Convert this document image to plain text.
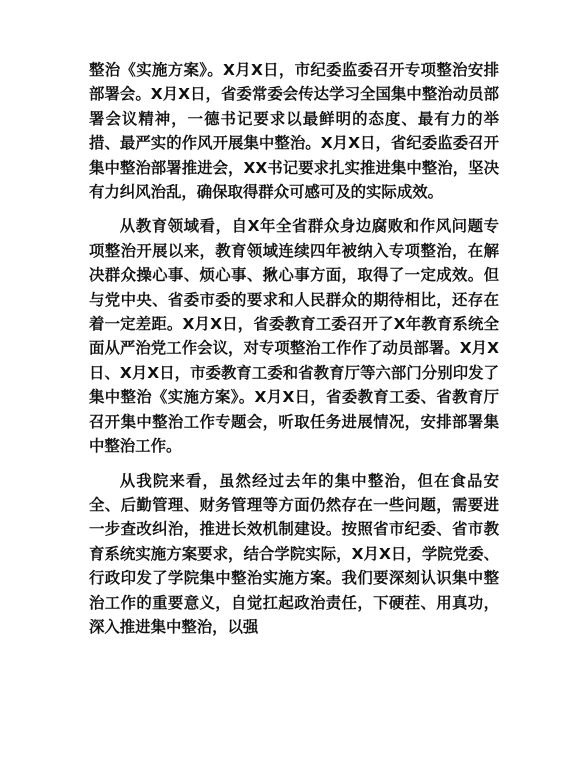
整治《实施方案》。X月X日，市纪委监委召开专项整治安排部署会。X月X日，省委常委会传达学习全国集中整治动员部署会议精神，一德书记要求以最鲜明的态度、最有力的举措、最严实的作风开展集中整治。X月X日，省纪委监委召开集中整治部署推进会，XX书记要求扎实推进集中整治，坚决有力纠风治乱，确保取得群众可感可及的实际成效。

从教育领域看，自X年全省群众身边腐败和作风问题专项整治开展以来，教育领域连续四年被纳入专项整治，在解决群众操心事、烦心事、揪心事方面，取得了一定成效。但与党中央、省委市委的要求和人民群众的期待相比，还存在着一定差距。X月X日，省委教育工委召开了X年教育系统全面从严治党工作会议，对专项整治工作作了动员部署。X月X日、X月X日，市委教育工委和省教育厅等六部门分别印发了集中整治《实施方案》。X月X日，省委教育工委、省教育厅召开集中整治工作专题会，听取任务进展情况，安排部署集中整治工作。

从我院来看，虽然经过去年的集中整治，但在食品安全、后勤管理、财务管理等方面仍然存在一些问题，需要进一步查改纠治，推进长效机制建设。按照省市纪委、省市教育系统实施方案要求，结合学院实际，X月X日，学院党委、行政印发了学院集中整治实施方案。我们要深刻认识集中整治工作的重要意义，自觉扛起政治责任，下硬茬、用真功，深入推进集中整治，以强
